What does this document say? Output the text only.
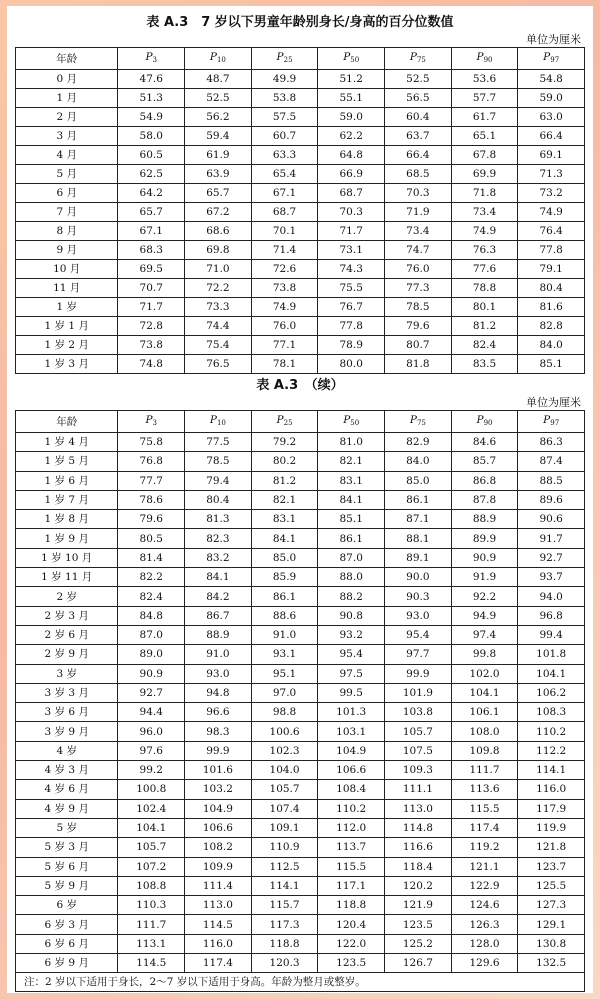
表 A.3　7 岁以下男童年龄别身长/身高的百分位数值
单位为厘米
年龄	$P_3$	$P_{10}$	$P_{25}$	$P_{50}$	$P_{75}$	$P_{90}$	$P_{97}$
0 月	47.6	48.7	49.9	51.2	52.5	53.6	54.8
1 月	51.3	52.5	53.8	55.1	56.5	57.7	59.0
2 月	54.9	56.2	57.5	59.0	60.4	61.7	63.0
3 月	58.0	59.4	60.7	62.2	63.7	65.1	66.4
4 月	60.5	61.9	63.3	64.8	66.4	67.8	69.1
5 月	62.5	63.9	65.4	66.9	68.5	69.9	71.3
6 月	64.2	65.7	67.1	68.7	70.3	71.8	73.2
7 月	65.7	67.2	68.7	70.3	71.9	73.4	74.9
8 月	67.1	68.6	70.1	71.7	73.4	74.9	76.4
9 月	68.3	69.8	71.4	73.1	74.7	76.3	77.8
10 月	69.5	71.0	72.6	74.3	76.0	77.6	79.1
11 月	70.7	72.2	73.8	75.5	77.3	78.8	80.4
1 岁	71.7	73.3	74.9	76.7	78.5	80.1	81.6
1 岁 1 月	72.8	74.4	76.0	77.8	79.6	81.2	82.8
1 岁 2 月	73.8	75.4	77.1	78.9	80.7	82.4	84.0
1 岁 3 月	74.8	76.5	78.1	80.0	81.8	83.5	85.1
表 A.3　（续）
单位为厘米
年龄	$P_3$	$P_{10}$	$P_{25}$	$P_{50}$	$P_{75}$	$P_{90}$	$P_{97}$
1 岁 4 月	75.8	77.5	79.2	81.0	82.9	84.6	86.3
1 岁 5 月	76.8	78.5	80.2	82.1	84.0	85.7	87.4
1 岁 6 月	77.7	79.4	81.2	83.1	85.0	86.8	88.5
1 岁 7 月	78.6	80.4	82.1	84.1	86.1	87.8	89.6
1 岁 8 月	79.6	81.3	83.1	85.1	87.1	88.9	90.6
1 岁 9 月	80.5	82.3	84.1	86.1	88.1	89.9	91.7
1 岁 10 月	81.4	83.2	85.0	87.0	89.1	90.9	92.7
1 岁 11 月	82.2	84.1	85.9	88.0	90.0	91.9	93.7
2 岁	82.4	84.2	86.1	88.2	90.3	92.2	94.0
2 岁 3 月	84.8	86.7	88.6	90.8	93.0	94.9	96.8
2 岁 6 月	87.0	88.9	91.0	93.2	95.4	97.4	99.4
2 岁 9 月	89.0	91.0	93.1	95.4	97.7	99.8	101.8
3 岁	90.9	93.0	95.1	97.5	99.9	102.0	104.1
3 岁 3 月	92.7	94.8	97.0	99.5	101.9	104.1	106.2
3 岁 6 月	94.4	96.6	98.8	101.3	103.8	106.1	108.3
3 岁 9 月	96.0	98.3	100.6	103.1	105.7	108.0	110.2
4 岁	97.6	99.9	102.3	104.9	107.5	109.8	112.2
4 岁 3 月	99.2	101.6	104.0	106.6	109.3	111.7	114.1
4 岁 6 月	100.8	103.2	105.7	108.4	111.1	113.6	116.0
4 岁 9 月	102.4	104.9	107.4	110.2	113.0	115.5	117.9
5 岁	104.1	106.6	109.1	112.0	114.8	117.4	119.9
5 岁 3 月	105.7	108.2	110.9	113.7	116.6	119.2	121.8
5 岁 6 月	107.2	109.9	112.5	115.5	118.4	121.1	123.7
5 岁 9 月	108.8	111.4	114.1	117.1	120.2	122.9	125.5
6 岁	110.3	113.0	115.7	118.8	121.9	124.6	127.3
6 岁 3 月	111.7	114.5	117.3	120.4	123.5	126.3	129.1
6 岁 6 月	113.1	116.0	118.8	122.0	125.2	128.0	130.8
6 岁 9 月	114.5	117.4	120.3	123.5	126.7	129.6	132.5
注：2 岁以下适用于身长，2〜7 岁以下适用于身高。年龄为整月或整岁。
